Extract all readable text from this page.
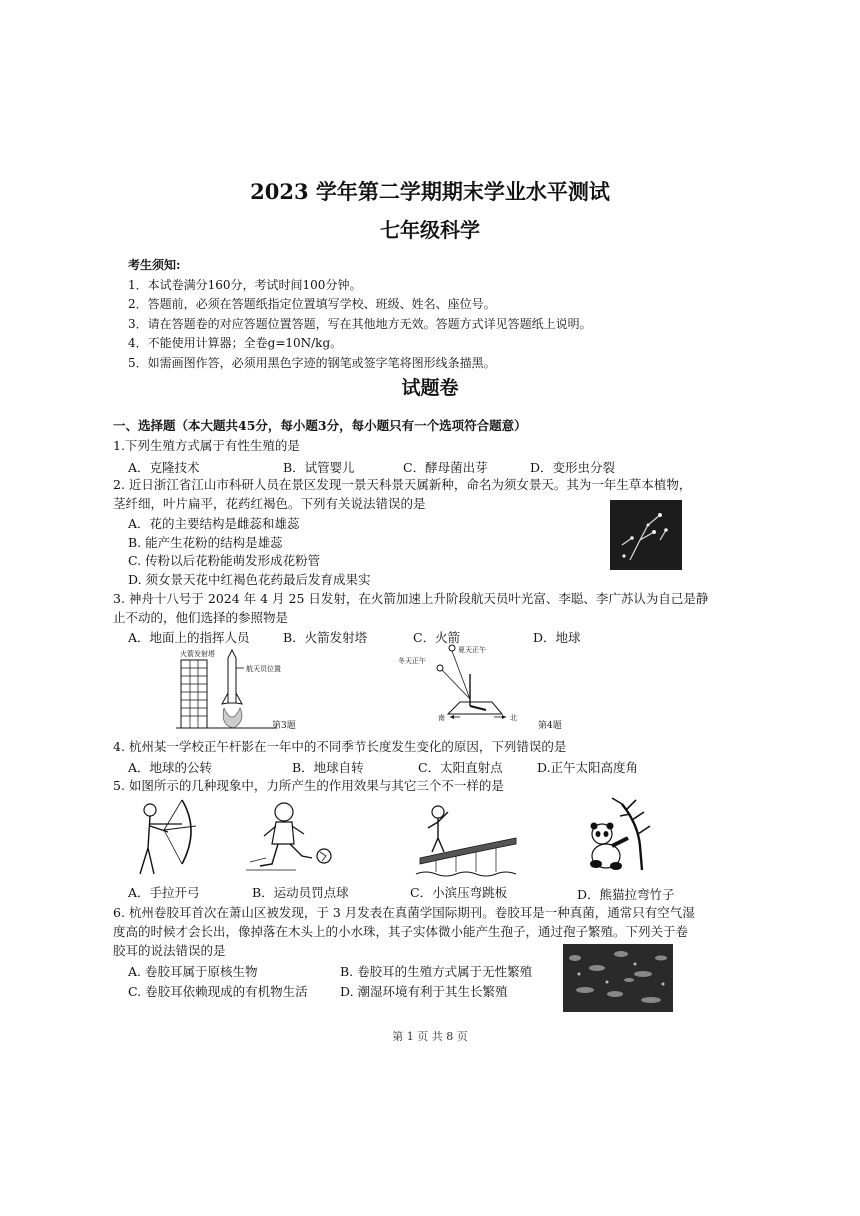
2023 学年第二学期期末学业水平测试
七年级科学
考生须知:
1．本试卷满分160分，考试时间100分钟。
2．答题前，必须在答题纸指定位置填写学校、班级、姓名、座位号。
3．请在答题卷的对应答题位置答题，写在其他地方无效。答题方式详见答题纸上说明。
4．不能使用计算器；全卷g=10N/kg。
5．如需画图作答，必须用黑色字迹的钢笔或签字笔将图形线条描黑。
试题卷
一、选择题（本大题共45分，每小题3分，每小题只有一个选项符合题意）
1.下列生殖方式属于有性生殖的是
A．克隆技术	B．试管婴儿	C．酵母菌出芽	D．变形虫分裂
2. 近日浙江省江山市科研人员在景区发现一景天科景天属新种，命名为须女景天。其为一年生草本植物，
茎纤细，叶片扁平，花药红褐色。下列有关说法错误的是
A．花的主要结构是雌蕊和雄蕊
B. 能产生花粉的结构是雄蕊
C. 传粉以后花粉能萌发形成花粉管
D. 须女景天花中红褐色花药最后发育成果实
3. 神舟十八号于 2024 年 4 月 25 日发射，在火箭加速上升阶段航天员叶光富、李聪、李广苏认为自己是静
止不动的，他们选择的参照物是
A．地面上的指挥人员	B．火箭发射塔	C．火箭	D．地球
火箭发射塔
航天员位置
第3题
夏天正午
冬天正午
南	北
第4题
4. 杭州某一学校正午杆影在一年中的不同季节长度发生变化的原因，下列错误的是
A．地球的公转	B．地球自转	C．太阳直射点	D.正午太阳高度角
5. 如图所示的几种现象中，力所产生的作用效果与其它三个不一样的是
A．手拉开弓	B．运动员罚点球	C．小滨压弯跳板	D．熊猫拉弯竹子
6. 杭州卷胶耳首次在萧山区被发现，于 3 月发表在真菌学国际期刊。卷胶耳是一种真菌，通常只有空气湿
度高的时候才会长出，像掉落在木头上的小水珠，其子实体微小能产生孢子，通过孢子繁殖。下列关于卷
胶耳的说法错误的是
A. 卷胶耳属于原核生物	B. 卷胶耳的生殖方式属于无性繁殖
C. 卷胶耳依赖现成的有机物生活	D. 潮湿环境有利于其生长繁殖
第 1 页 共 8 页
